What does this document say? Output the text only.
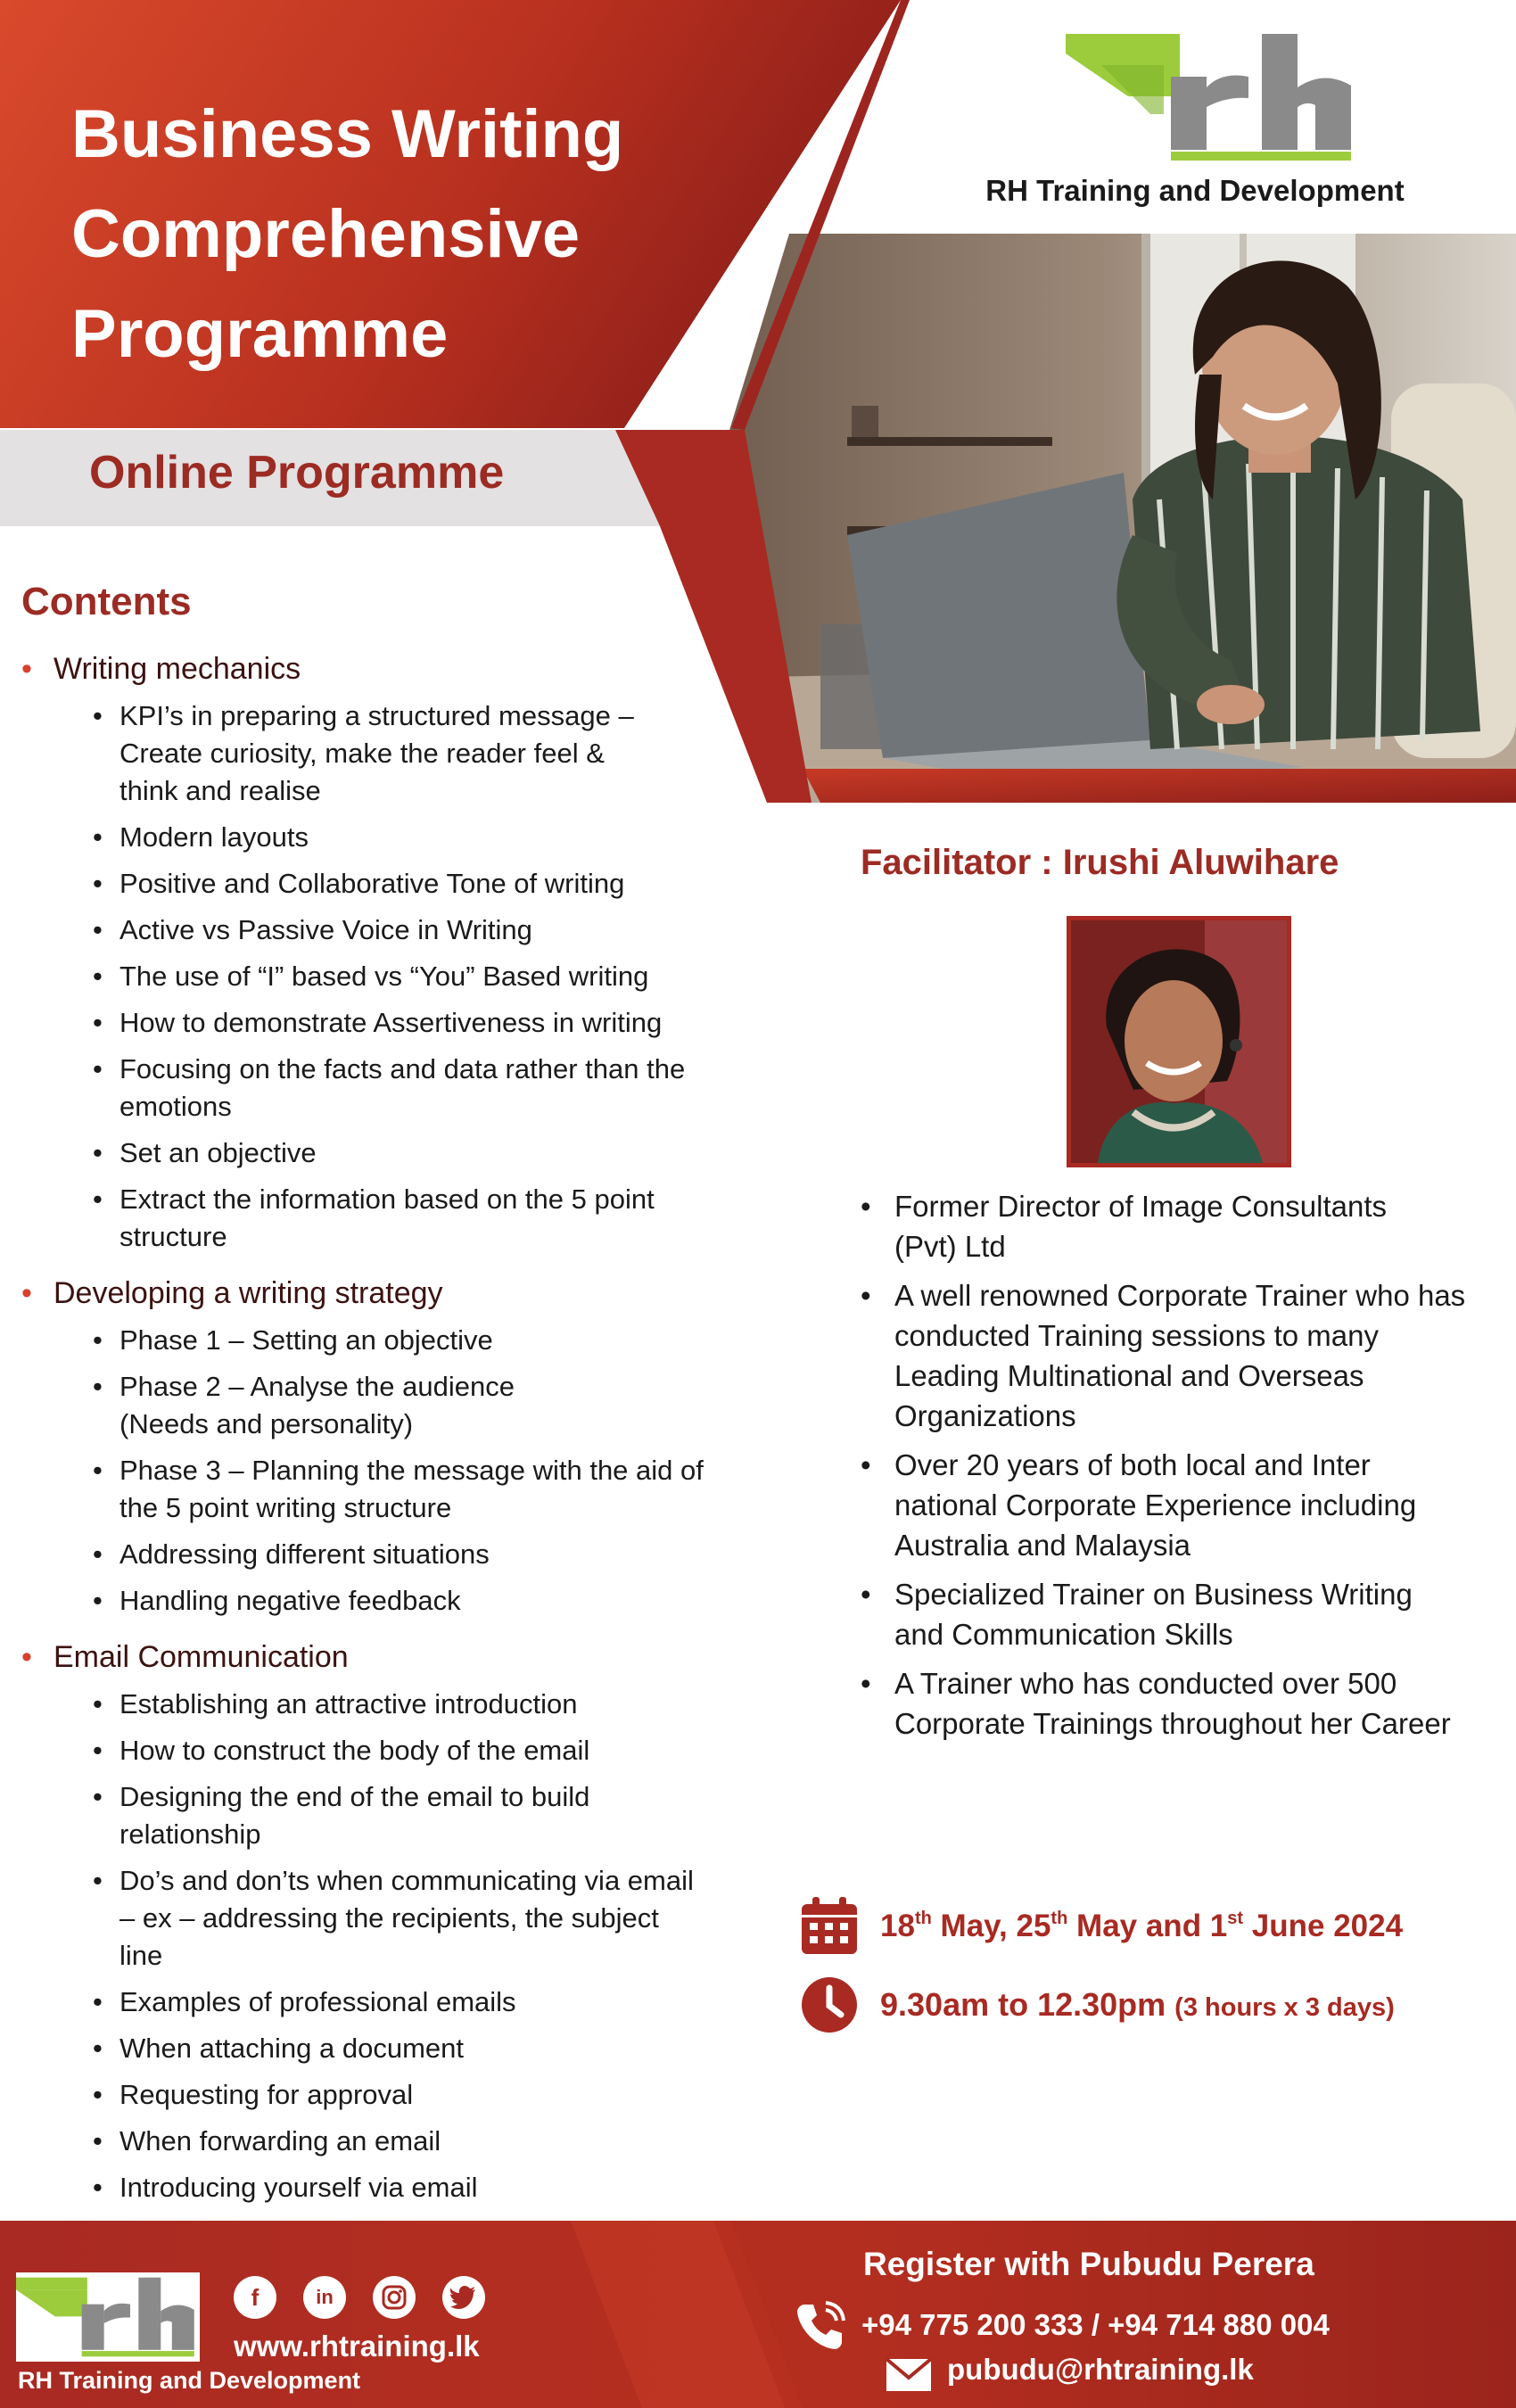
Business Writing
Comprehensive
Programme
Online Programme
RH Training and Development
Contents
• Writing mechanics
• KPI’s in preparing a structured message – Create curiosity, make the reader feel & think and realise
• Modern layouts
• Positive and Collaborative Tone of writing
• Active vs Passive Voice in Writing
• The use of “I” based vs “You” Based writing
• How to demonstrate Assertiveness in writing
• Focusing on the facts and data rather than the emotions
• Set an objective
• Extract the information based on the 5 point structure
• Developing a writing strategy
• Phase 1 – Setting an objective
• Phase 2 – Analyse the audience (Needs and personality)
• Phase 3 – Planning the message with the aid of the 5 point writing structure
• Addressing different situations
• Handling negative feedback
• Email Communication
• Establishing an attractive introduction
• How to construct the body of the email
• Designing the end of the email to build relationship
• Do’s and don’ts when communicating via email – ex – addressing the recipients, the subject line
• Examples of professional emails
• When attaching a document
• Requesting for approval
• When forwarding an email
• Introducing yourself via email
Facilitator : Irushi Aluwihare
• Former Director of Image Consultants (Pvt) Ltd
• A well renowned Corporate Trainer who has conducted Training sessions to many Leading Multinational and Overseas Organizations
• Over 20 years of both local and Inter national Corporate Experience including Australia and Malaysia
• Specialized Trainer on Business Writing and Communication Skills
• A Trainer who has conducted over 500 Corporate Trainings throughout her Career
18th May, 25th May and 1st June 2024
9.30am to 12.30pm (3 hours x 3 days)
RH Training and Development
f	in
www.rhtraining.lk
Register with Pubudu Perera
+94 775 200 333 / +94 714 880 004
pubudu@rhtraining.lk
